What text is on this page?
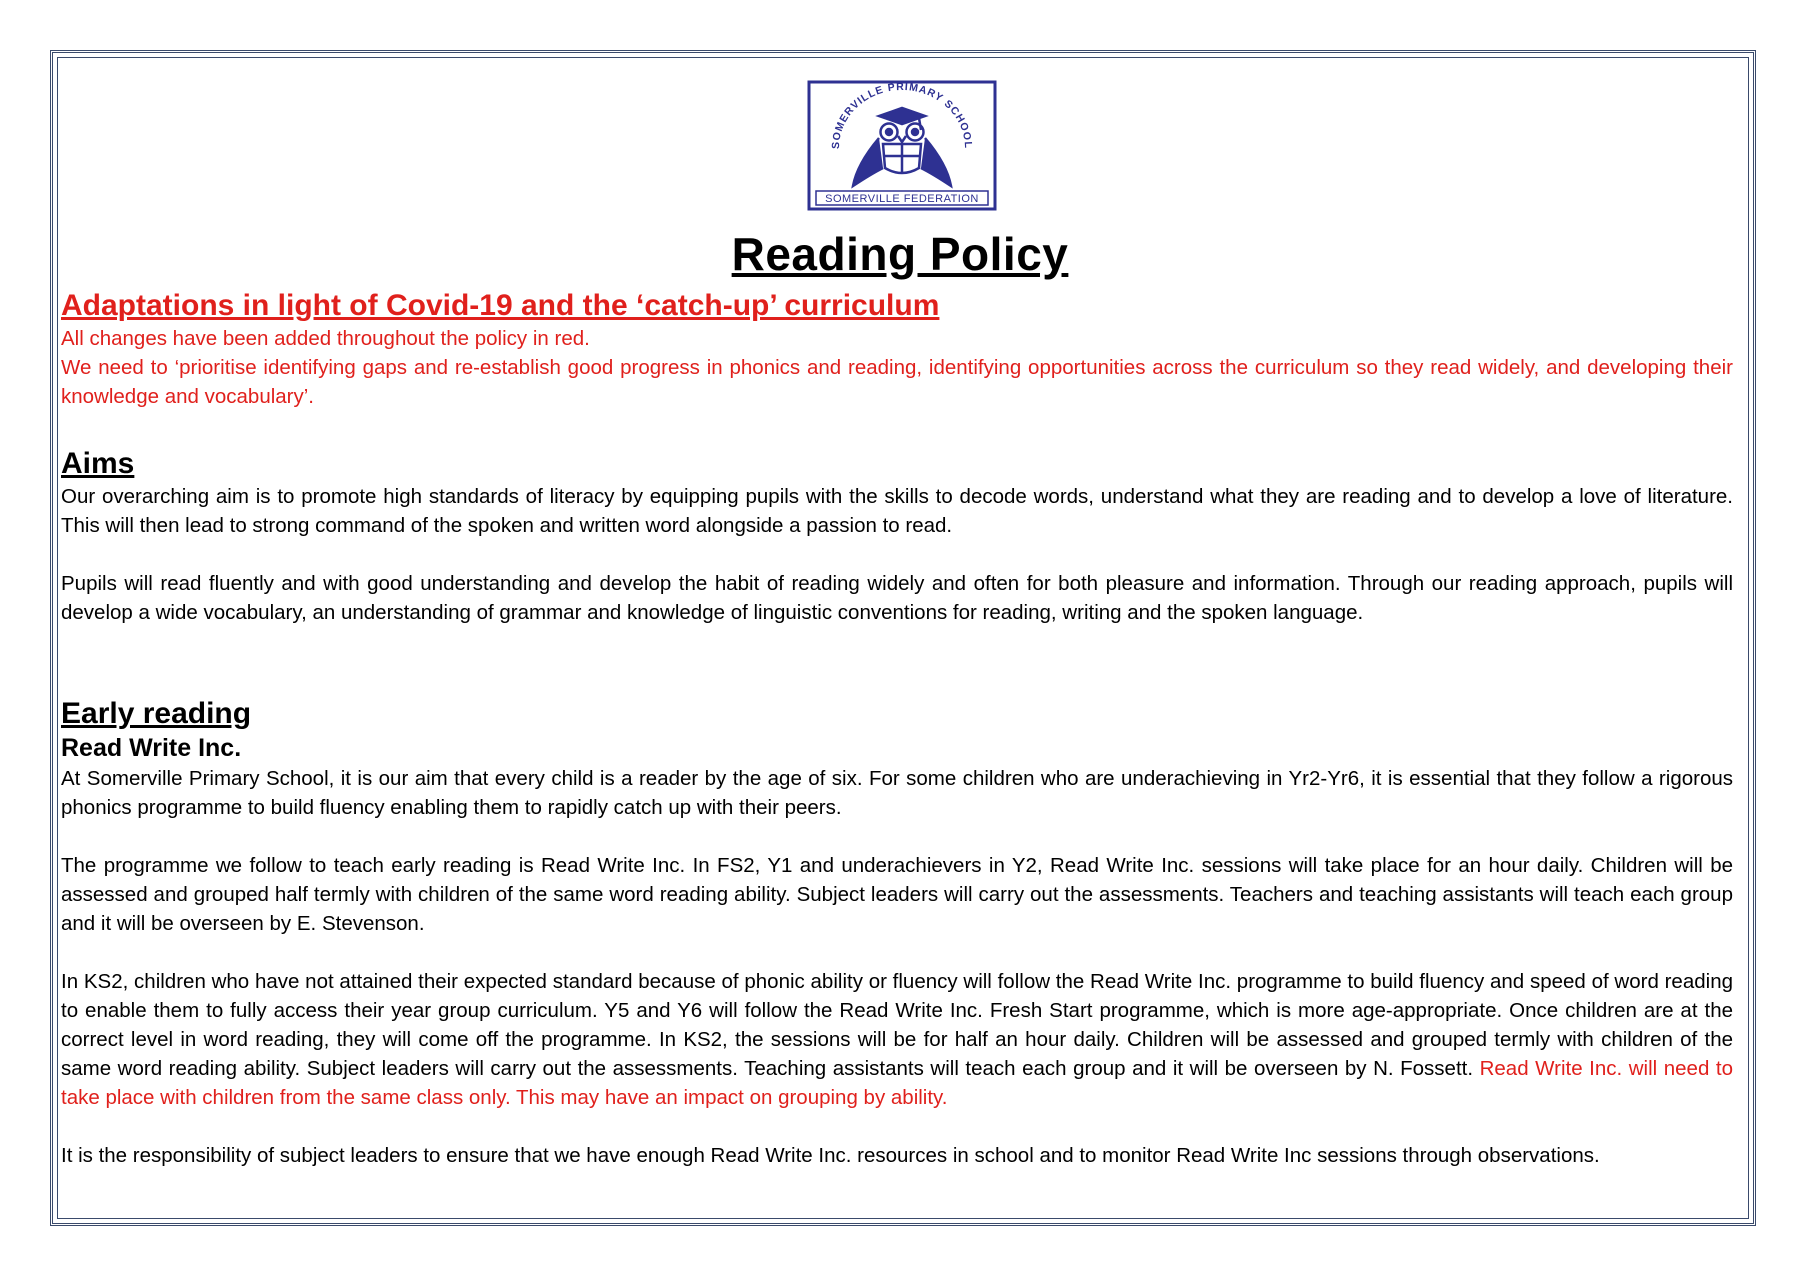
SOMERVILLE PRIMARY SCHOOL
SOMERVILLE FEDERATION
Reading Policy
Adaptations in light of Covid-19 and the ‘catch-up’ curriculum

All changes have been added throughout the policy in red.

We need to ‘prioritise identifying gaps and re-establish good progress in phonics and reading, identifying opportunities across the curriculum so they read widely, and developing their knowledge and vocabulary’.

Aims

Our overarching aim is to promote high standards of literacy by equipping pupils with the skills to decode words, understand what they are reading and to develop a love of literature. This will then lead to strong command of the spoken and written word alongside a passion to read.

Pupils will read fluently and with good understanding and develop the habit of reading widely and often for both pleasure and information. Through our reading approach, pupils will develop a wide vocabulary, an understanding of grammar and knowledge of linguistic conventions for reading, writing and the spoken language.

Early reading
Read Write Inc.

At Somerville Primary School, it is our aim that every child is a reader by the age of six. For some children who are underachieving in Yr2-Yr6, it is essential that they follow a rigorous phonics programme to build fluency enabling them to rapidly catch up with their peers.

The programme we follow to teach early reading is Read Write Inc. In FS2, Y1 and underachievers in Y2, Read Write Inc. sessions will take place for an hour daily. Children will be assessed and grouped half termly with children of the same word reading ability. Subject leaders will carry out the assessments. Teachers and teaching assistants will teach each group and it will be overseen by E. Stevenson.

In KS2, children who have not attained their expected standard because of phonic ability or fluency will follow the Read Write Inc. programme to build fluency and speed of word reading to enable them to fully access their year group curriculum. Y5 and Y6 will follow the Read Write Inc. Fresh Start programme, which is more age-appropriate. Once children are at the correct level in word reading, they will come off the programme. In KS2, the sessions will be for half an hour daily. Children will be assessed and grouped termly with children of the same word reading ability. Subject leaders will carry out the assessments. Teaching assistants will teach each group and it will be overseen by N. Fossett. Read Write Inc. will need to take place with children from the same class only. This may have an impact on grouping by ability.

It is the responsibility of subject leaders to ensure that we have enough Read Write Inc. resources in school and to monitor Read Write Inc sessions through observations.
